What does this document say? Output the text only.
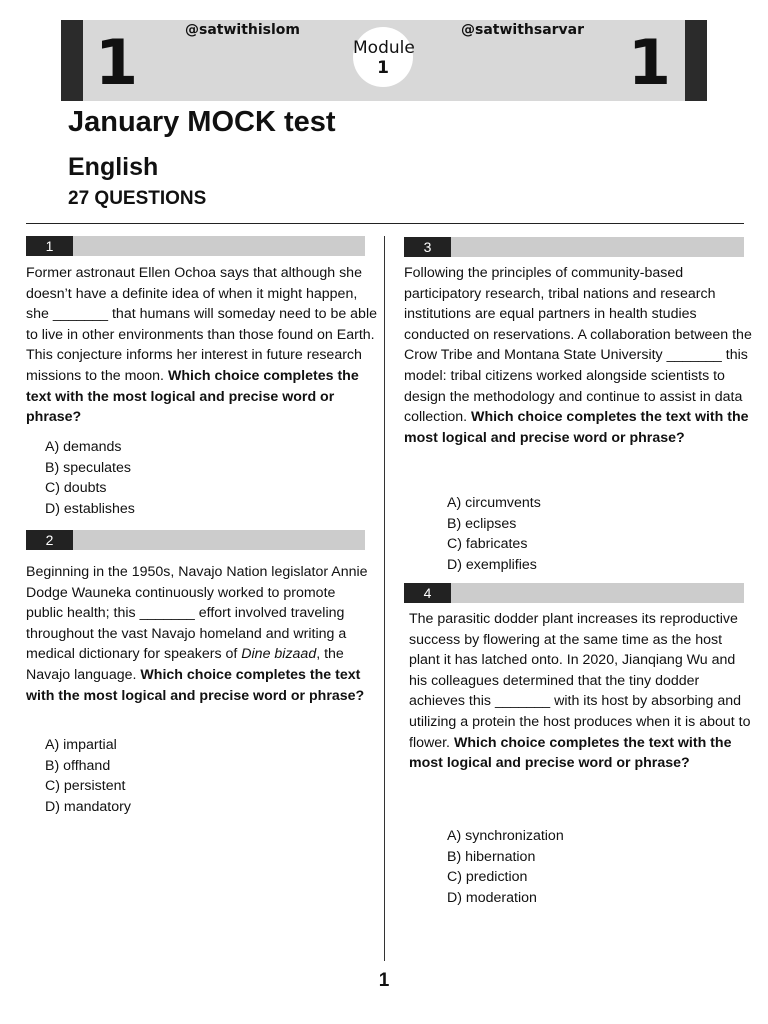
1	1
@satwithislom	@satwithsarvar
Module
1
January MOCK test
English
27 QUESTIONS
1
Former astronaut Ellen Ochoa says that although she doesn’t have a definite idea of when it might happen, she _______ that humans will someday need to be able to live in other environments than those found on Earth. This conjecture informs her interest in future research missions to the moon. Which choice completes the text with the most logical and precise word or phrase?
A) demands
B) speculates
C) doubts
D) establishes
2
Beginning in the 1950s, Navajo Nation legislator Annie Dodge Wauneka continuously worked to promote public health; this _______ effort involved traveling throughout the vast Navajo homeland and writing a medical dictionary for speakers of Dine bizaad, the Navajo language. Which choice completes the text with the most logical and precise word or phrase?
A) impartial
B) offhand
C) persistent
D) mandatory
3
Following the principles of community-based participatory research, tribal nations and research institutions are equal partners in health studies conducted on reservations. A collaboration between the Crow Tribe and Montana State University _______ this model: tribal citizens worked alongside scientists to design the methodology and continue to assist in data collection. Which choice completes the text with the most logical and precise word or phrase?
A) circumvents
B) eclipses
C) fabricates
D) exemplifies
4
The parasitic dodder plant increases its reproductive success by flowering at the same time as the host plant it has latched onto. In 2020, Jianqiang Wu and his colleagues determined that the tiny dodder achieves this _______ with its host by absorbing and utilizing a protein the host produces when it is about to flower. Which choice completes the text with the most logical and precise word or phrase?
A) synchronization
B) hibernation
C) prediction
D) moderation
1
